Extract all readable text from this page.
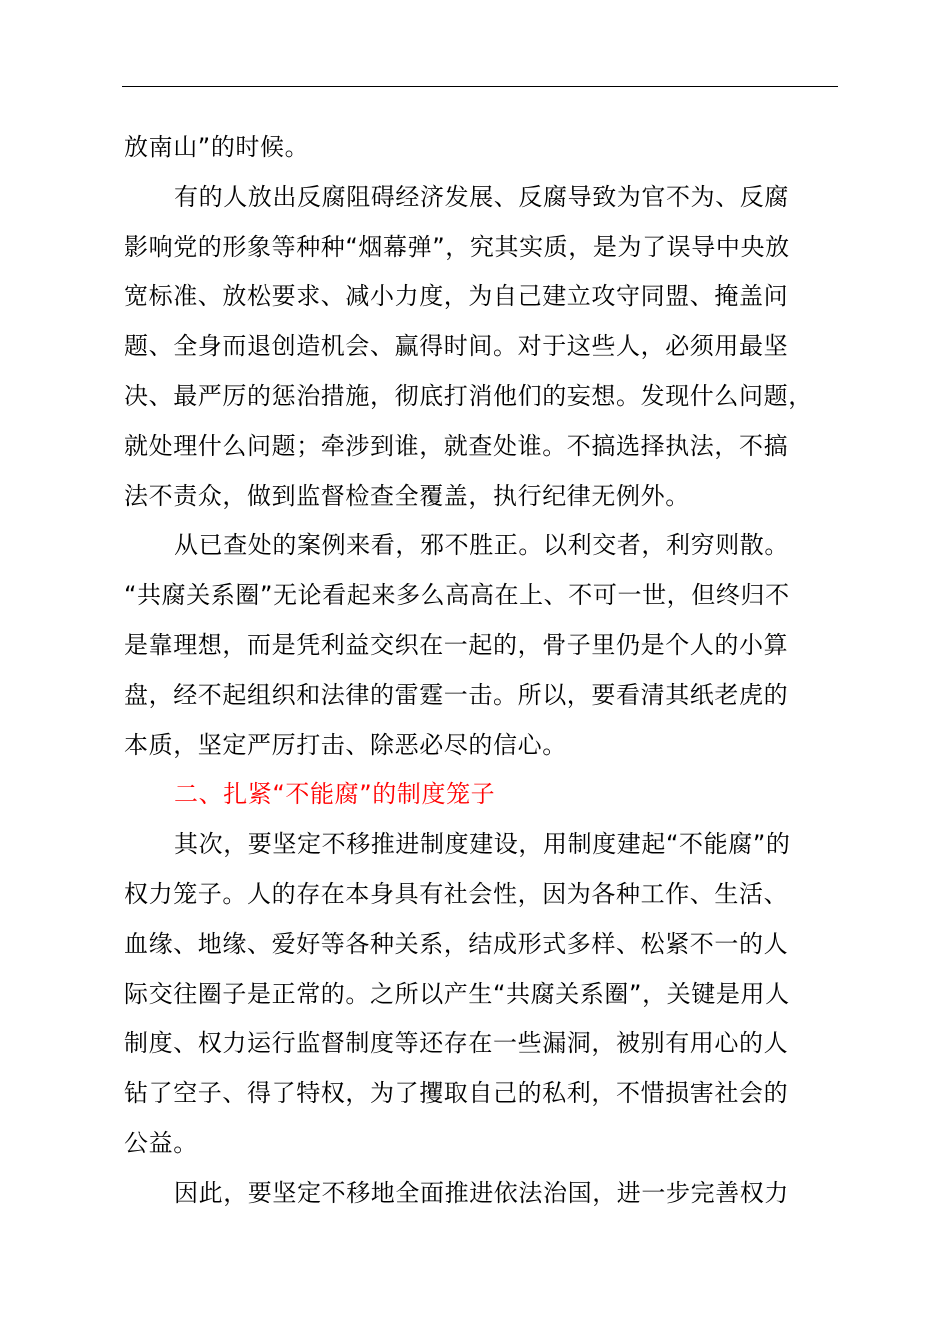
放南山”的时候。
有的人放出反腐阻碍经济发展、反腐导致为官不为、反腐
影响党的形象等种种“烟幕弹”，究其实质，是为了误导中央放
宽标准、放松要求、减小力度，为自己建立攻守同盟、掩盖问
题、全身而退创造机会、赢得时间。对于这些人，必须用最坚
决、最严厉的惩治措施，彻底打消他们的妄想。发现什么问题，
就处理什么问题；牵涉到谁，就查处谁。不搞选择执法，不搞
法不责众，做到监督检查全覆盖，执行纪律无例外。
从已查处的案例来看，邪不胜正。以利交者，利穷则散。
“共腐关系圈”无论看起来多么高高在上、不可一世，但终归不
是靠理想，而是凭利益交织在一起的，骨子里仍是个人的小算
盘，经不起组织和法律的雷霆一击。所以，要看清其纸老虎的
本质，坚定严厉打击、除恶必尽的信心。
二、扎紧“不能腐”的制度笼子
其次，要坚定不移推进制度建设，用制度建起“不能腐”的
权力笼子。人的存在本身具有社会性，因为各种工作、生活、
血缘、地缘、爱好等各种关系，结成形式多样、松紧不一的人
际交往圈子是正常的。之所以产生“共腐关系圈”，关键是用人
制度、权力运行监督制度等还存在一些漏洞，被别有用心的人
钻了空子、得了特权，为了攫取自己的私利，不惜损害社会的
公益。
因此，要坚定不移地全面推进依法治国，进一步完善权力
